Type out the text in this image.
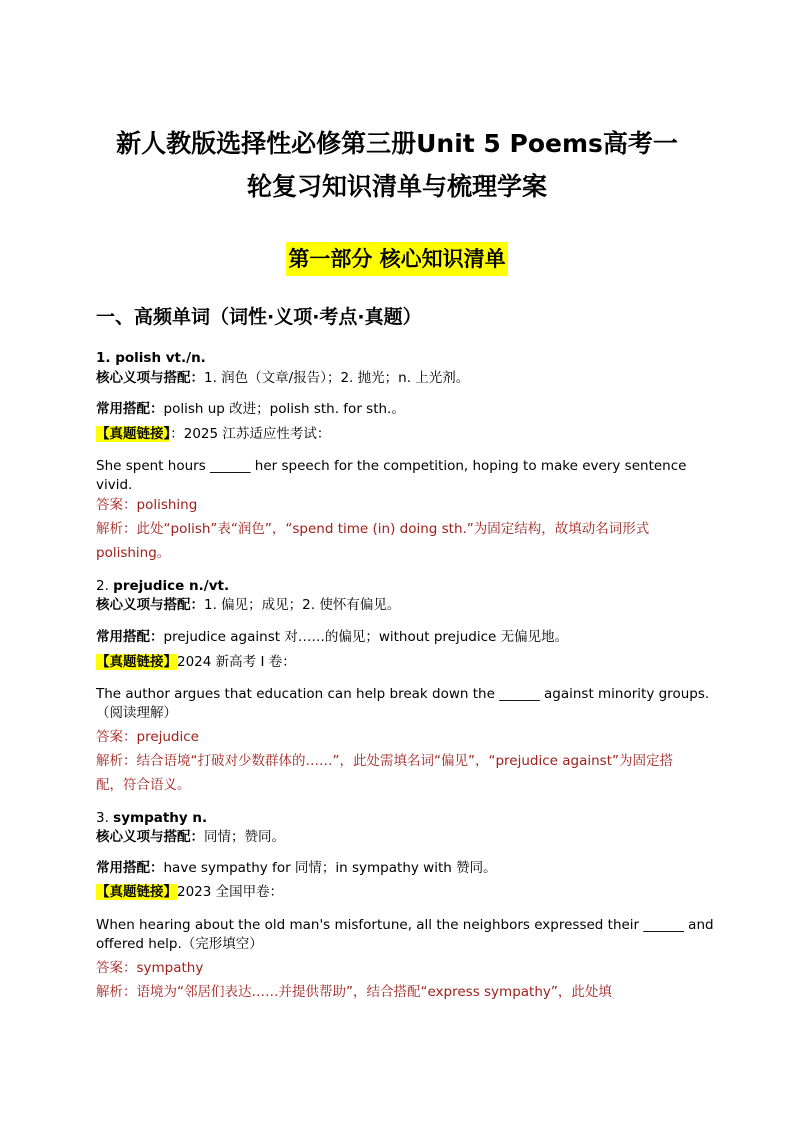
新人教版选择性必修第三册Unit 5 Poems高考一
轮复习知识清单与梳理学案
第一部分 核心知识清单
一、高频单词（词性·义项·考点·真题）
1. polish vt./n.
核心义项与搭配：1. 润色（文章/报告）；2. 抛光；n. 上光剂。
常用搭配：polish up 改进；polish sth. for sth.。
【真题链接】：2025 江苏适应性考试：
She spent hours ______ her speech for the competition, hoping to make every sentence
vivid.
答案：polishing
解析：此处“polish”表“润色”，“spend time (in) doing sth.”为固定结构，故填动名词形式
polishing。
2. prejudice n./vt.
核心义项与搭配：1. 偏见；成见；2. 使怀有偏见。
常用搭配：prejudice against 对……的偏见；without prejudice 无偏见地。
【真题链接】2024 新高考 I 卷：
The author argues that education can help break down the ______ against minority groups.
（阅读理解）
答案：prejudice
解析：结合语境“打破对少数群体的……”，此处需填名词“偏见”，“prejudice against”为固定搭
配，符合语义。
3. sympathy n.
核心义项与搭配：同情；赞同。
常用搭配：have sympathy for 同情；in sympathy with 赞同。
【真题链接】2023 全国甲卷：
When hearing about the old man's misfortune, all the neighbors expressed their ______ and
offered help.（完形填空）
答案：sympathy
解析：语境为“邻居们表达……并提供帮助”，结合搭配“express sympathy”，此处填
